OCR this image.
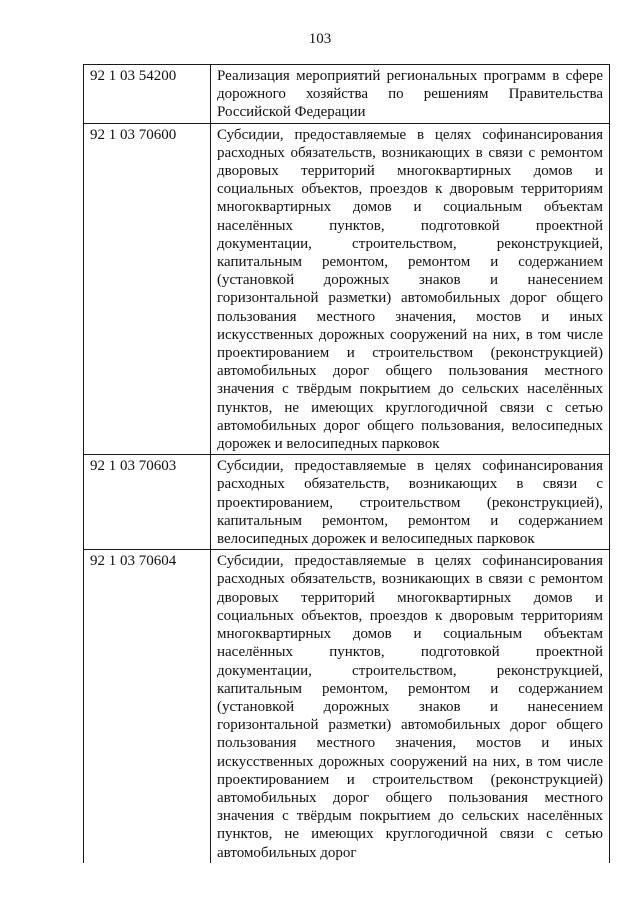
103
92 1 03 54200	Реализация мероприятий региональных программ в сфере дорожного хозяйства по решениям Правительства Российской Федерации
92 1 03 70600	Субсидии, предоставляемые в целях софинансирования расходных обязательств, возникающих в связи с ремонтом дворовых территорий многоквартирных домов и социальных объектов, проездов к дворовым территориям многоквартирных домов и социальным объектам населённых пунктов, подготовкой проектной документации, строительством, реконструкцией, капитальным ремонтом, ремонтом и содержанием (установкой дорожных знаков и нанесением горизонтальной разметки) автомобильных дорог общего пользования местного значения, мостов и иных искусственных дорожных сооружений на них, в том числе проектированием и строительством (реконструкцией) автомобильных дорог общего пользования местного значения с твёрдым покрытием до сельских населённых пунктов, не имеющих круглогодичной связи с сетью автомобильных дорог общего пользования, велосипедных дорожек и велосипедных парковок
92 1 03 70603	Субсидии, предоставляемые в целях софинансирования расходных обязательств, возникающих в связи с проектированием, строительством (реконструкцией), капитальным ремонтом, ремонтом и содержанием велосипедных дорожек и велосипедных парковок
92 1 03 70604	Субсидии, предоставляемые в целях софинансирования расходных обязательств, возникающих в связи с ремонтом дворовых территорий многоквартирных домов и социальных объектов, проездов к дворовым территориям многоквартирных домов и социальным объектам населённых пунктов, подготовкой проектной документации, строительством, реконструкцией, капитальным ремонтом, ремонтом и содержанием (установкой дорожных знаков и нанесением горизонтальной разметки) автомобильных дорог общего пользования местного значения, мостов и иных искусственных дорожных сооружений на них, в том числе проектированием и строительством (реконструкцией) автомобильных дорог общего пользования местного значения с твёрдым покрытием до сельских населённых пунктов, не имеющих круглогодичной связи с сетью автомобильных дорог
